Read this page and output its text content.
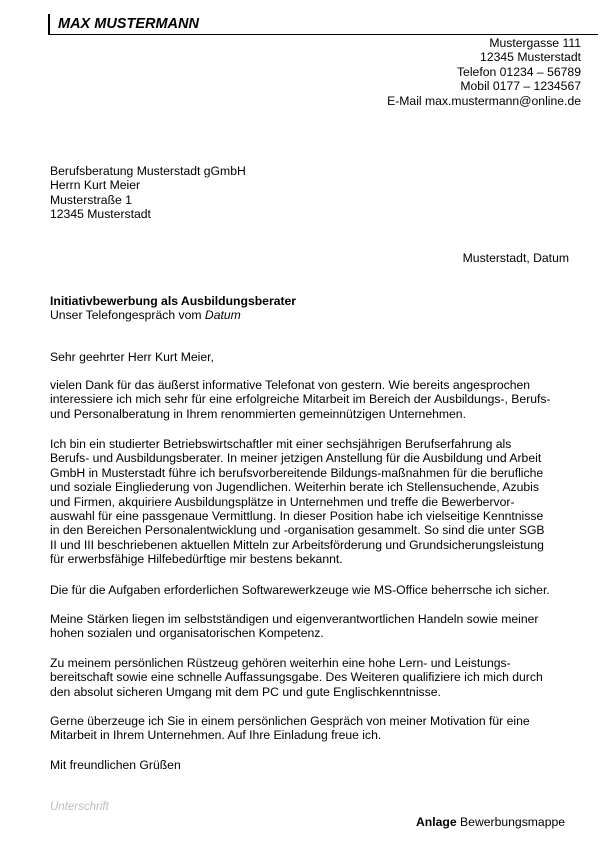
MAX MUSTERMANN
Mustergasse 111
12345 Musterstadt
Telefon 01234 – 56789
Mobil 0177 – 1234567
E-Mail max.mustermann@online.de
Berufsberatung Musterstadt gGmbH
Herrn Kurt Meier
Musterstraße 1
12345 Musterstadt
Musterstadt, Datum
Initiativbewerbung als Ausbildungsberater
Unser Telefongespräch vom Datum
Sehr geehrter Herr Kurt Meier,
vielen Dank für das äußerst informative Telefonat von gestern. Wie bereits angesprochen
interessiere ich mich sehr für eine erfolgreiche Mitarbeit im Bereich der Ausbildungs-, Berufs-
und Personalberatung in Ihrem renommierten gemeinnützigen Unternehmen.
Ich bin ein studierter Betriebswirtschaftler mit einer sechsjährigen Berufserfahrung als
Berufs- und Ausbildungsberater. In meiner jetzigen Anstellung für die Ausbildung und Arbeit
GmbH in Musterstadt führe ich berufsvorbereitende Bildungs-maßnahmen für die berufliche
und soziale Eingliederung von Jugendlichen. Weiterhin berate ich Stellensuchende, Azubis
und Firmen, akquiriere Ausbildungsplätze in Unternehmen und treffe die Bewerbervor-
auswahl für eine passgenaue Vermittlung. In dieser Position habe ich vielseitige Kenntnisse
in den Bereichen Personalentwicklung und -organisation gesammelt. So sind die unter SGB
II und III beschriebenen aktuellen Mitteln zur Arbeitsförderung und Grundsicherungsleistung
für erwerbsfähige Hilfebedürftige mir bestens bekannt.
Die für die Aufgaben erforderlichen Softwarewerkzeuge wie MS-Office beherrsche ich sicher.
Meine Stärken liegen im selbstständigen und eigenverantwortlichen Handeln sowie meiner
hohen sozialen und organisatorischen Kompetenz.
Zu meinem persönlichen Rüstzeug gehören weiterhin eine hohe Lern- und Leistungs-
bereitschaft sowie eine schnelle Auffassungsgabe. Des Weiteren qualifiziere ich mich durch
den absolut sicheren Umgang mit dem PC und gute Englischkenntnisse.
Gerne überzeuge ich Sie in einem persönlichen Gespräch von meiner Motivation für eine
Mitarbeit in Ihrem Unternehmen. Auf Ihre Einladung freue ich.
Mit freundlichen Grüßen
Unterschrift
Anlage Bewerbungsmappe
